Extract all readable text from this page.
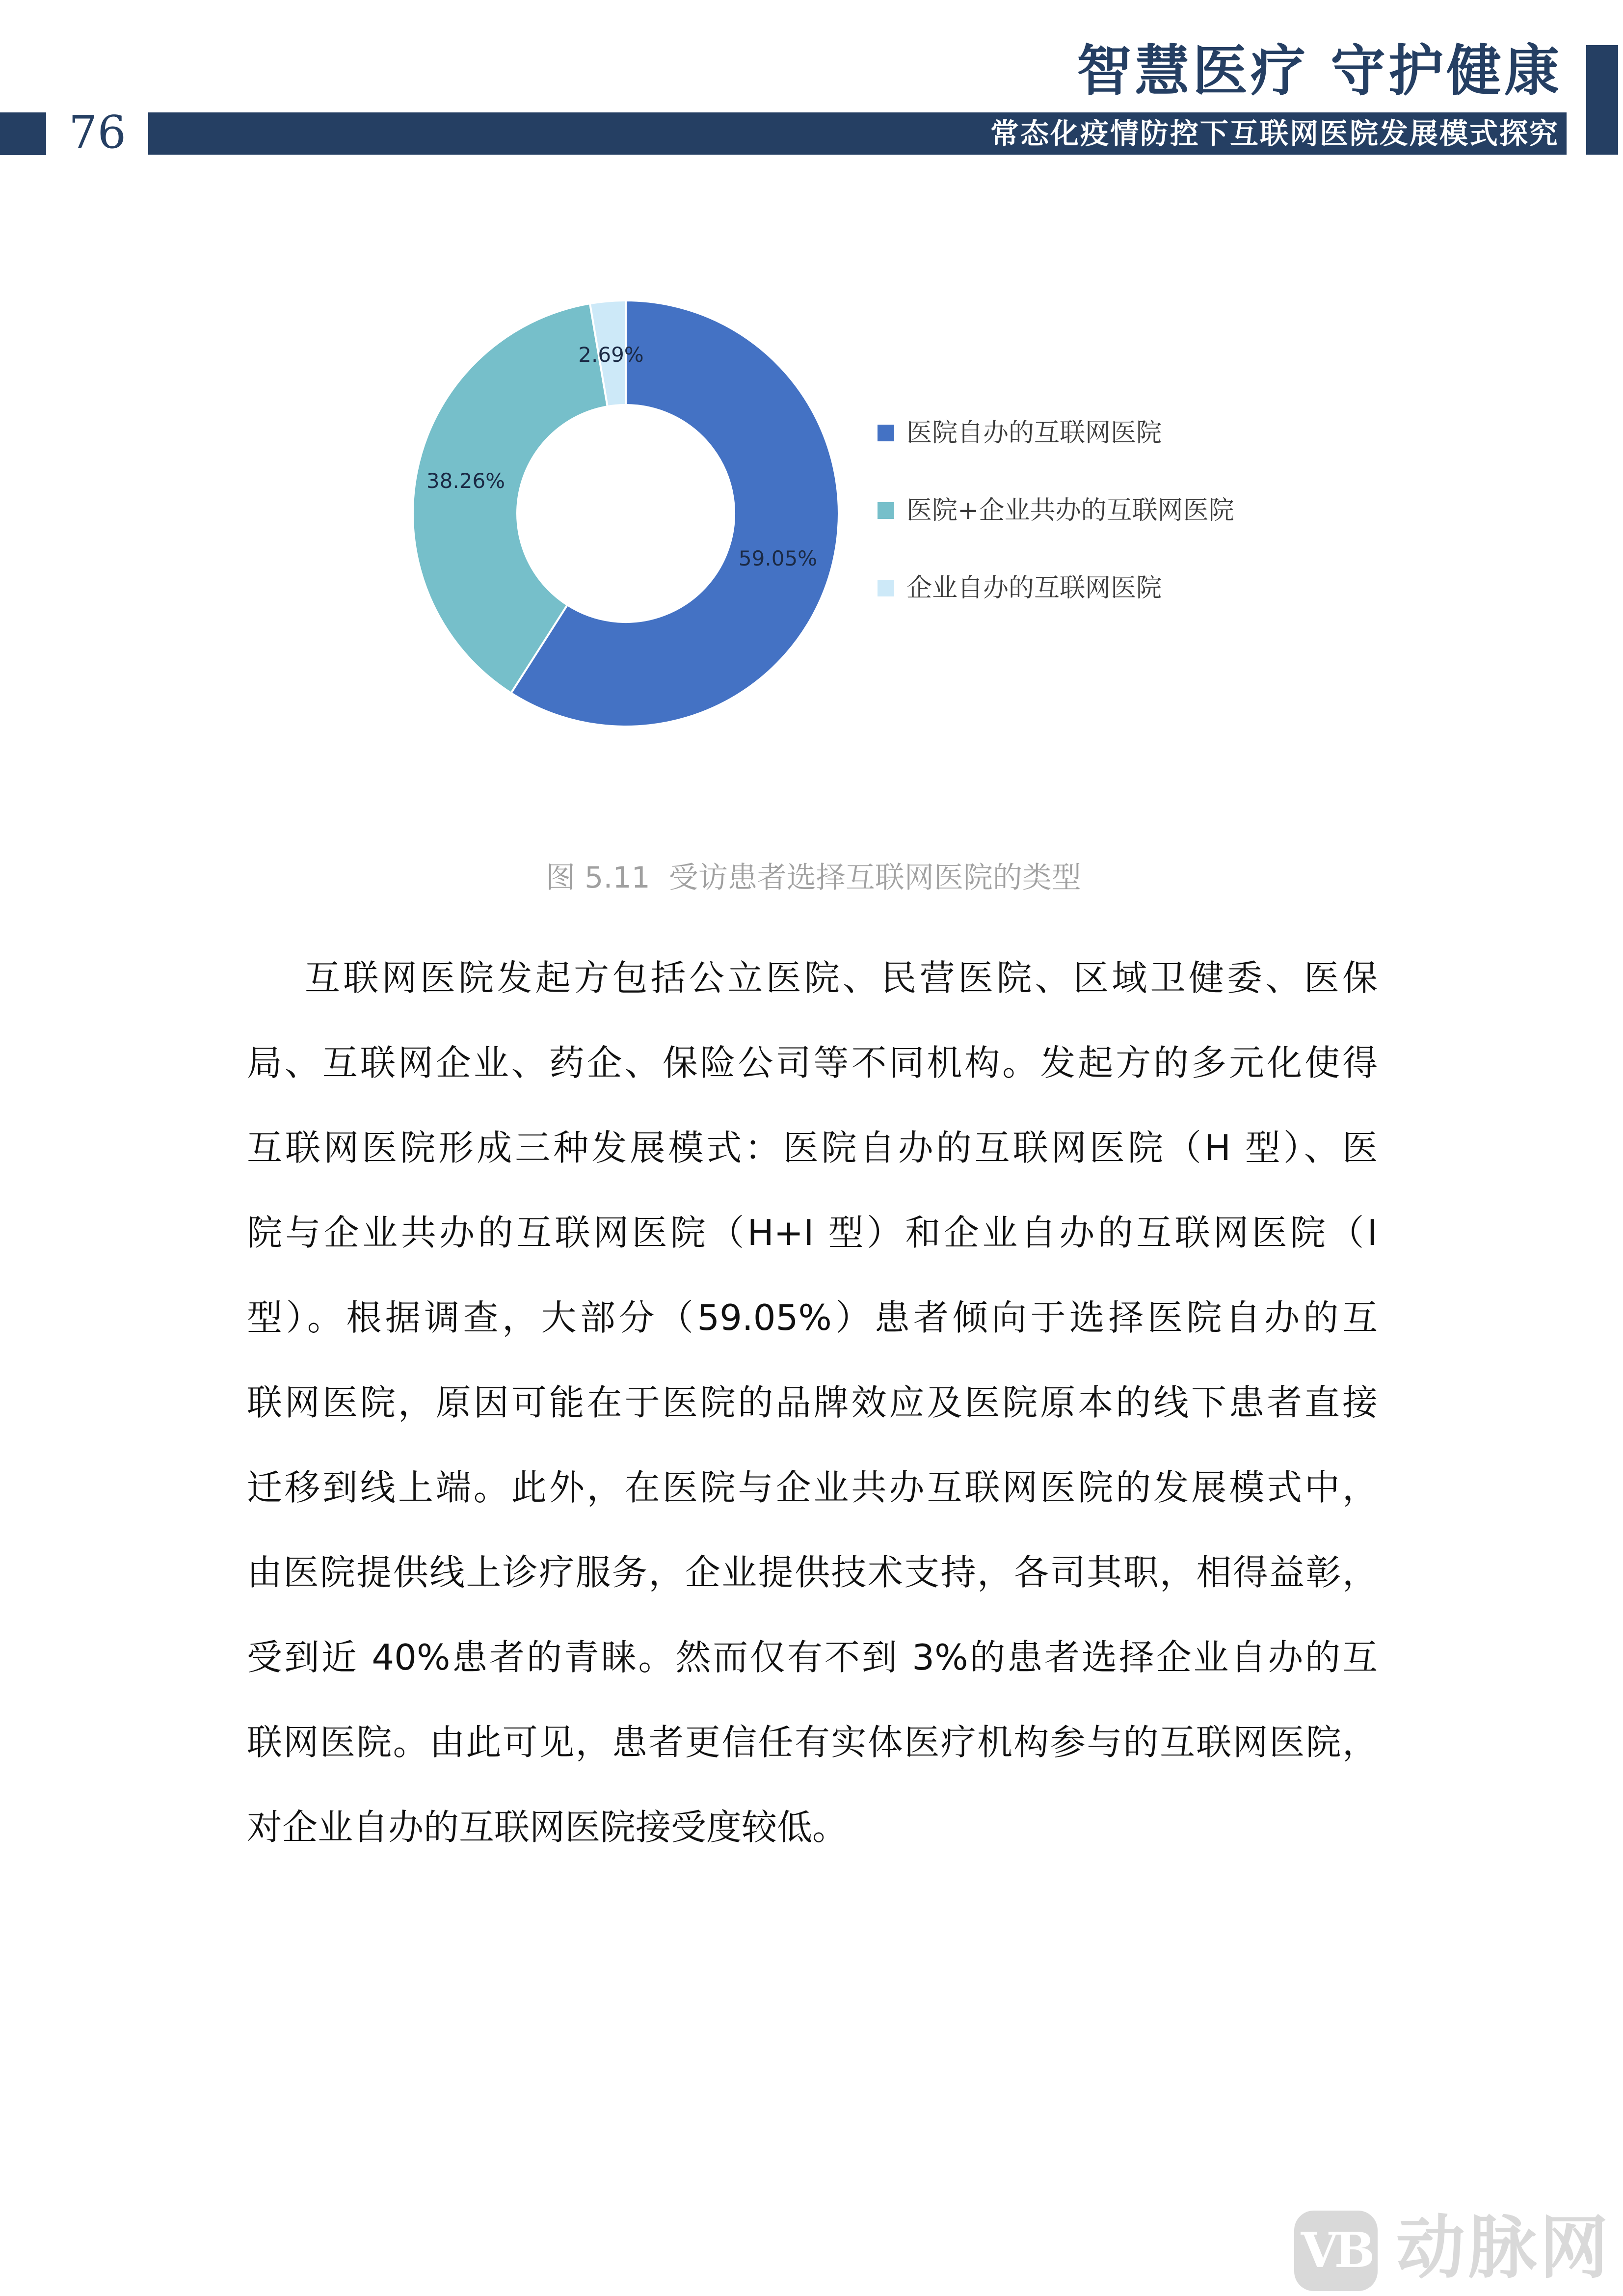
76
智慧医疗 守护健康
常态化疫情防控下互联网医院发展模式探究
59.05%
38.26%
2.69%
医院自办的互联网医院
医院+企业共办的互联网医院
企业自办的互联网医院
图 5.11  受访患者选择互联网医院的类型
互联网医院发起方包括公立医院、民营医院、区域卫健委、医保
局、互联网企业、药企、保险公司等不同机构。发起方的多元化使得
互联网医院形成三种发展模式：医院自办的互联网医院（H 型）、医
院与企业共办的互联网医院（H+I 型）和企业自办的互联网医院（I
型）。根据调查，大部分（59.05%）患者倾向于选择医院自办的互
联网医院，原因可能在于医院的品牌效应及医院原本的线下患者直接
迁移到线上端。此外，在医院与企业共办互联网医院的发展模式中，
由医院提供线上诊疗服务，企业提供技术支持，各司其职，相得益彰，
受到近 40%患者的青睐。然而仅有不到 3%的患者选择企业自办的互
联网医院。由此可见，患者更信任有实体医疗机构参与的互联网医院，
对企业自办的互联网医院接受度较低。
VB 动脉网
